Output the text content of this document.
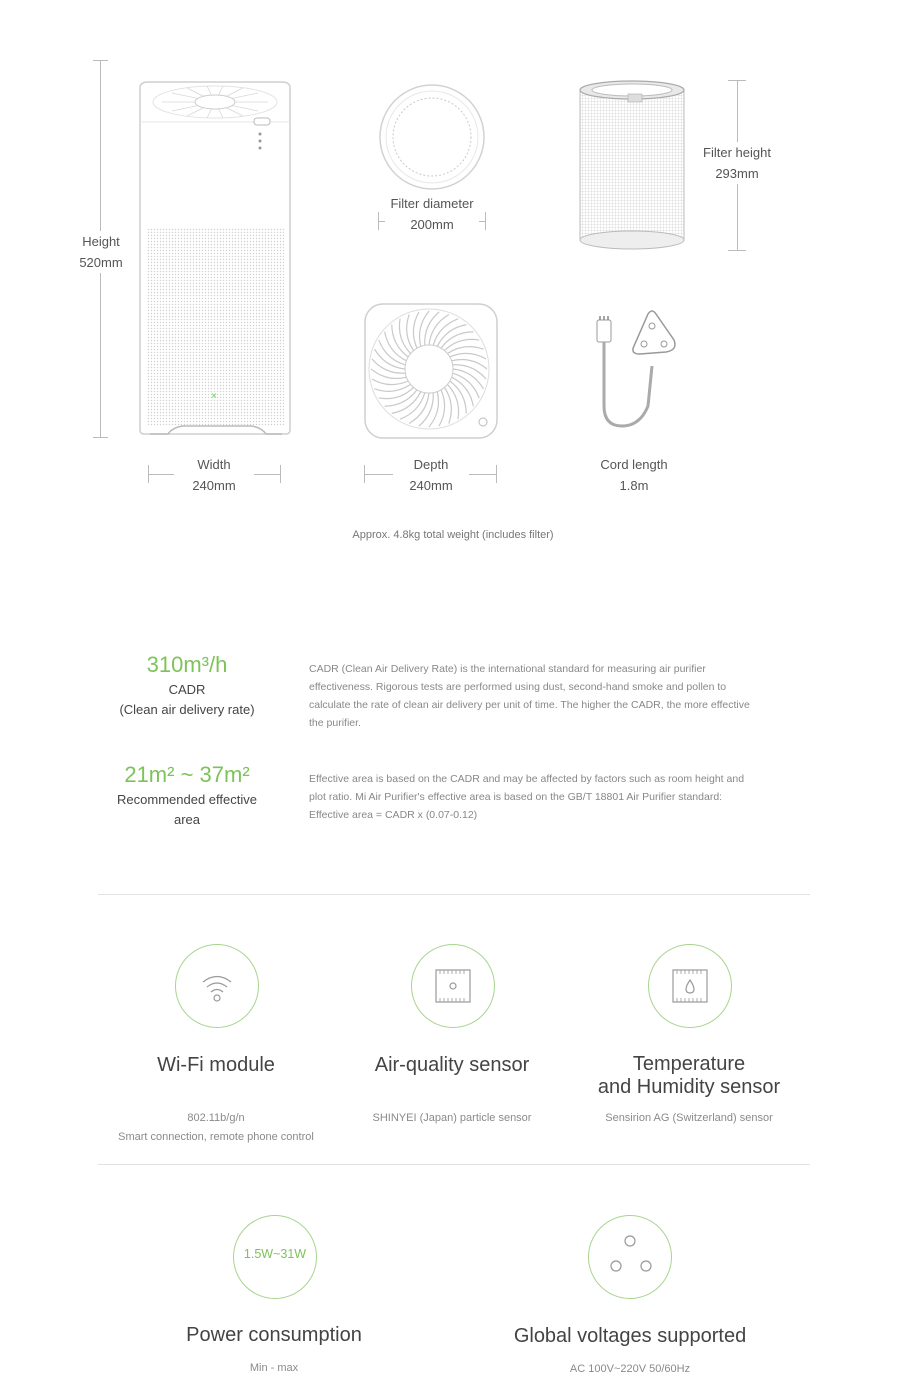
Height
520mm
×
Width
240mm
Filter diameter
200mm
Filter height
293mm
Depth
240mm
Cord length
1.8m
Approx. 4.8kg total weight (includes filter)
310m³/h
CADR
(Clean air delivery rate)
CADR (Clean Air Delivery Rate) is the international standard for measuring air purifier effectiveness. Rigorous tests are performed using dust, second-hand smoke and pollen to calculate the rate of clean air delivery per unit of time. The higher the CADR, the more effective the purifier.
21m² ~ 37m²
Recommended effective
area
Effective area is based on the CADR and may be affected by factors such as room height and plot ratio. Mi Air Purifier's effective area is based on the GB/T 18801 Air Purifier standard: Effective area = CADR x (0.07-0.12)
Wi-Fi module
802.11b/g/n
Smart connection, remote phone control
Air-quality sensor
SHINYEI (Japan) particle sensor
Temperature
and Humidity sensor
Sensirion AG (Switzerland) sensor
1.5W~31W
Power consumption
Min - max
Global voltages supported
AC 100V~220V 50/60Hz
